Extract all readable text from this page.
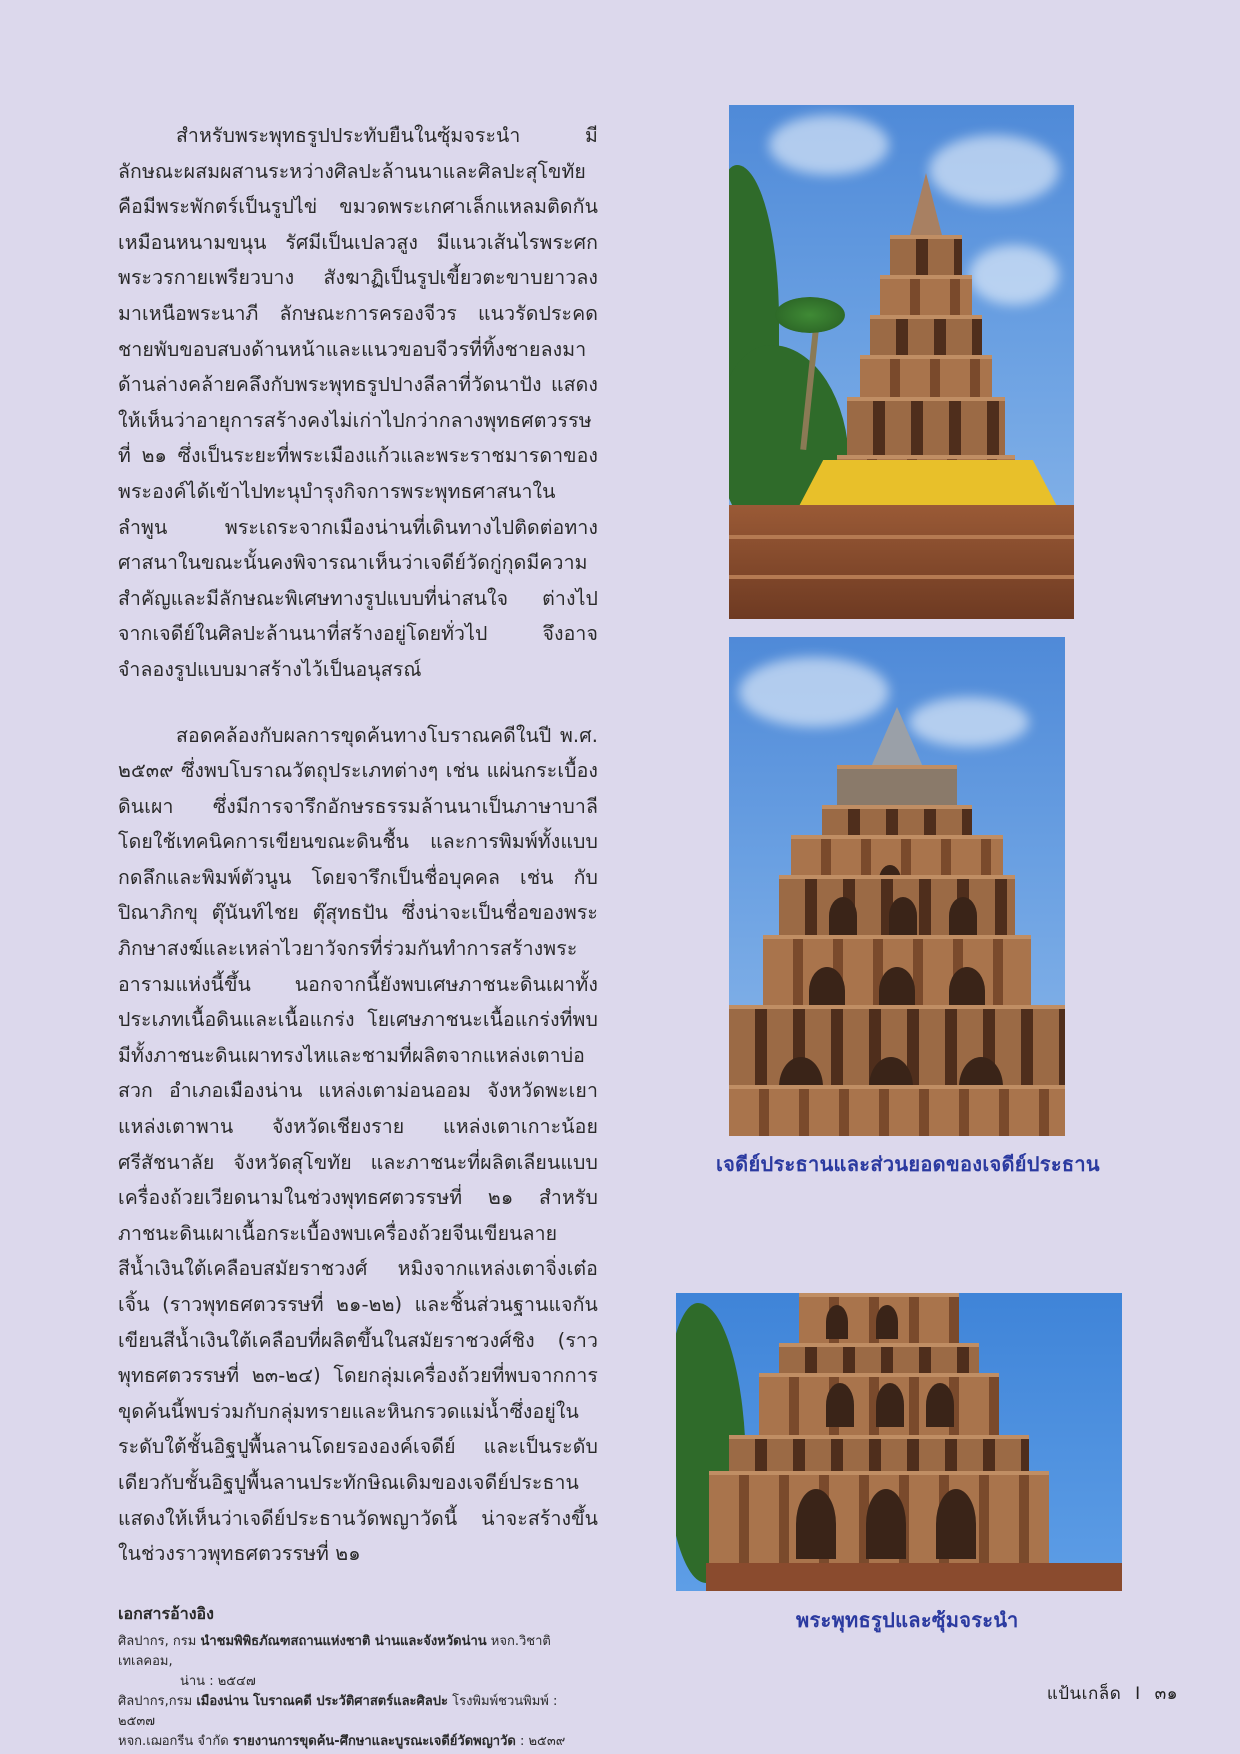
สำหรับพระพุทธรูปประทับยืนในซุ้มจระนำ มีลักษณะผสมผสานระหว่างศิลปะล้านนาและศิลปะสุโขทัย คือมีพระพักตร์เป็นรูปไข่ ขมวดพระเกศาเล็กแหลมติดกันเหมือนหนามขนุน รัศมีเป็นเปลวสูง มีแนวเส้นไรพระศก พระวรกายเพรียวบาง สังฆาฏิเป็นรูปเขี้ยวตะขาบยาวลงมาเหนือพระนาภี ลักษณะการครองจีวร แนวรัดประคด ชายพับขอบสบงด้านหน้าและแนวขอบจีวรที่ทิ้งชายลงมาด้านล่างคล้ายคลึงกับพระพุทธรูปปางลีลาที่วัดนาปัง แสดงให้เห็นว่าอายุการสร้างคงไม่เก่าไปกว่ากลางพุทธศตวรรษที่ ๒๑ ซึ่งเป็นระยะที่พระเมืองแก้วและพระราชมารดาของพระองค์ได้เข้าไปทะนุบำรุงกิจการพระพุทธศาสนาในลำพูน พระเถระจากเมืองน่านที่เดินทางไปติดต่อทางศาสนาในขณะนั้นคงพิจารณาเห็นว่าเจดีย์วัดกู่กุดมีความสำคัญและมีลักษณะพิเศษทางรูปแบบที่น่าสนใจ ต่างไปจากเจดีย์ในศิลปะล้านนาที่สร้างอยู่โดยทั่วไป จึงอาจจำลองรูปแบบมาสร้างไว้เป็นอนุสรณ์

สอดคล้องกับผลการขุดค้นทางโบราณคดีในปี พ.ศ. ๒๕๓๙ ซึ่งพบโบราณวัตถุประเภทต่างๆ เช่น แผ่นกระเบื้องดินเผา ซึ่งมีการจารึกอักษรธรรมล้านนาเป็นภาษาบาลีโดยใช้เทคนิคการเขียนขณะดินชื้น และการพิมพ์ทั้งแบบกดลึกและพิมพ์ตัวนูน โดยจารึกเป็นชื่อบุคคล เช่น กับปิณาภิกขุ ตุ๊นันท์ไชย ตุ๊สุทธปัน ซึ่งน่าจะเป็นชื่อของพระภิกษาสงฆ์และเหล่าไวยาวัจกรที่ร่วมกันทำการสร้างพระอารามแห่งนี้ขึ้น นอกจากนี้ยังพบเศษภาชนะดินเผาทั้งประเภทเนื้อดินและเนื้อแกร่ง โยเศษภาชนะเนื้อแกร่งที่พบมีทั้งภาชนะดินเผาทรงไหและชามที่ผลิตจากแหล่งเตาบ่อสวก อำเภอเมืองน่าน แหล่งเตาม่อนออม จังหวัดพะเยา แหล่งเตาพาน จังหวัดเชียงราย แหล่งเตาเกาะน้อย ศรีสัชนาลัย จังหวัดสุโขทัย และภาชนะที่ผลิตเลียนแบบเครื่องถ้วยเวียดนามในช่วงพุทธศตวรรษที่ ๒๑ สำหรับภาชนะดินเผาเนื้อกระเบื้องพบเครื่องถ้วยจีนเขียนลายสีน้ำเงินใต้เคลือบสมัยราชวงศ์ หมิงจากแหล่งเตาจิ่งเต๋อเจิ้น (ราวพุทธศตวรรษที่ ๒๑-๒๒) และชิ้นส่วนฐานแจกันเขียนสีน้ำเงินใต้เคลือบที่ผลิตขึ้นในสมัยราชวงศ์ชิง (ราวพุทธศตวรรษที่ ๒๓-๒๔) โดยกลุ่มเครื่องถ้วยที่พบจากการขุดค้นนี้พบร่วมกับกลุ่มทรายและหินกรวดแม่น้ำซึ่งอยู่ในระดับใต้ชั้นอิฐปูพื้นลานโดยรององค์เจดีย์ และเป็นระดับเดียวกับชั้นอิฐปูพื้นลานประทักษิณเดิมของเจดีย์ประธาน แสดงให้เห็นว่าเจดีย์ประธานวัดพญาวัดนี้ น่าจะสร้างขึ้นในช่วงราวพุทธศตวรรษที่ ๒๑

เอกสารอ้างอิง

ศิลปากร, กรม นำชมพิพิธภัณฑสถานแห่งชาติ น่านและจังหวัดน่าน หจก.วิชาติเทเลคอม,
น่าน : ๒๕๔๗

ศิลปากร,กรม เมืองน่าน โบราณคดี ประวัติศาสตร์และศิลปะ โรงพิมพ์ชวนพิมพ์ : ๒๕๓๗

หจก.เฌอกรีน จำกัด รายงานการขุดค้น-ศึกษาและบูรณะเจดีย์วัดพญาวัด : ๒๕๓๙

เจดีย์ประธานและส่วนยอดของเจดีย์ประธาน
พระพุทธรูปและซุ้มจระนำ
แป้นเกล็ด I ๓๑
